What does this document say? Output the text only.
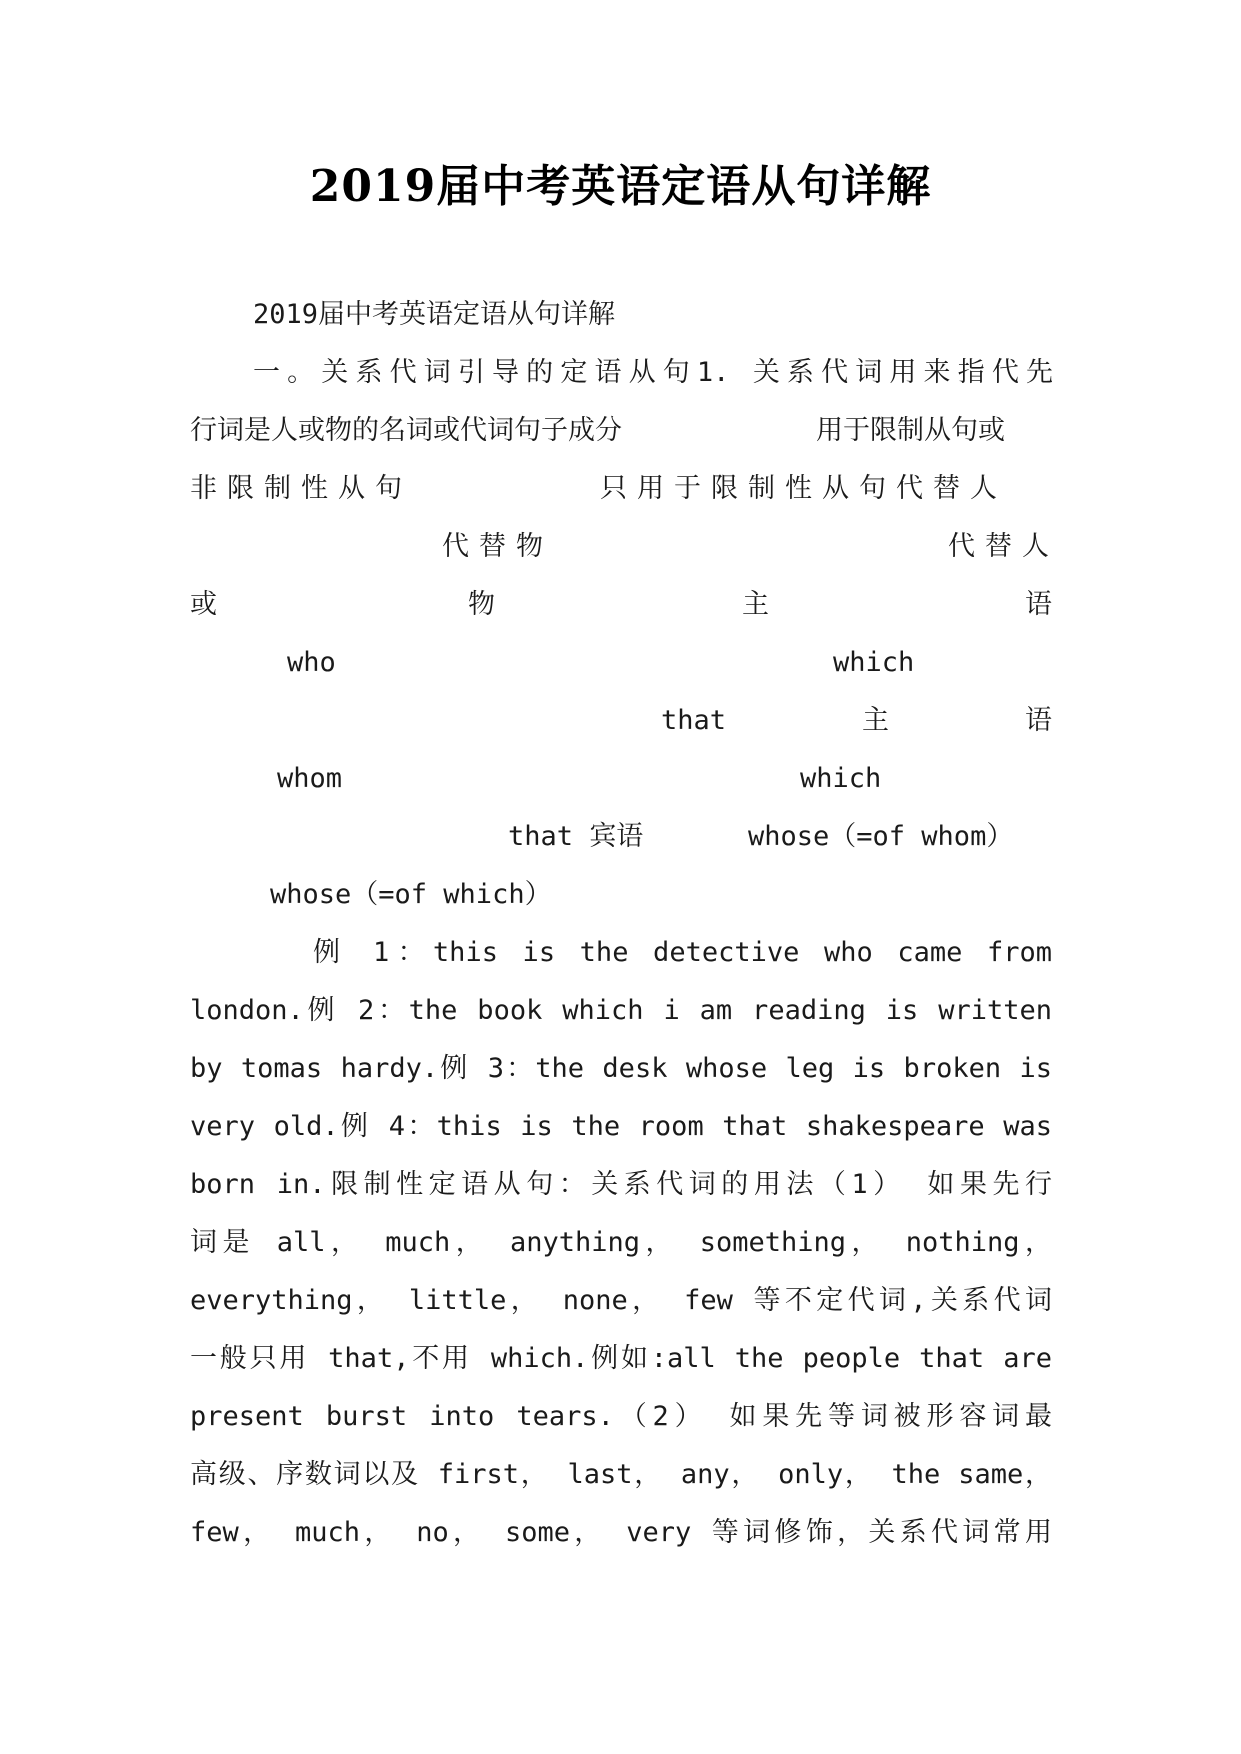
2019届中考英语定语从句详解
2019届中考英语定语从句详解
一。关系代词引导的定语从句1. 关系代词用来指代先
行词是人或物的名词或代词句子成分	用于限制从句或
非限制性从句	只用于限制性从句代替人
代替物	代替人
或	物	主	语
who	which
that	主	语
whom	which
that 宾语	whose（=of whom）
whose（=of which）
例 1：this is the detective who came from
london.例 2：the book which i am reading is written
by tomas hardy.例 3：the desk whose leg is broken is
very old.例 4：this is the room that shakespeare was
born in.限制性定语从句：关系代词的用法（1） 如果先行
词是 all， much， anything， something， nothing，
everything， little， none， few 等不定代词,关系代词
一般只用 that,不用 which.例如:all the people that are
present burst into tears.（2） 如果先等词被形容词最
高级、序数词以及 first， last， any， only， the same，
few， much， no， some， very 等词修饰，关系代词常用
